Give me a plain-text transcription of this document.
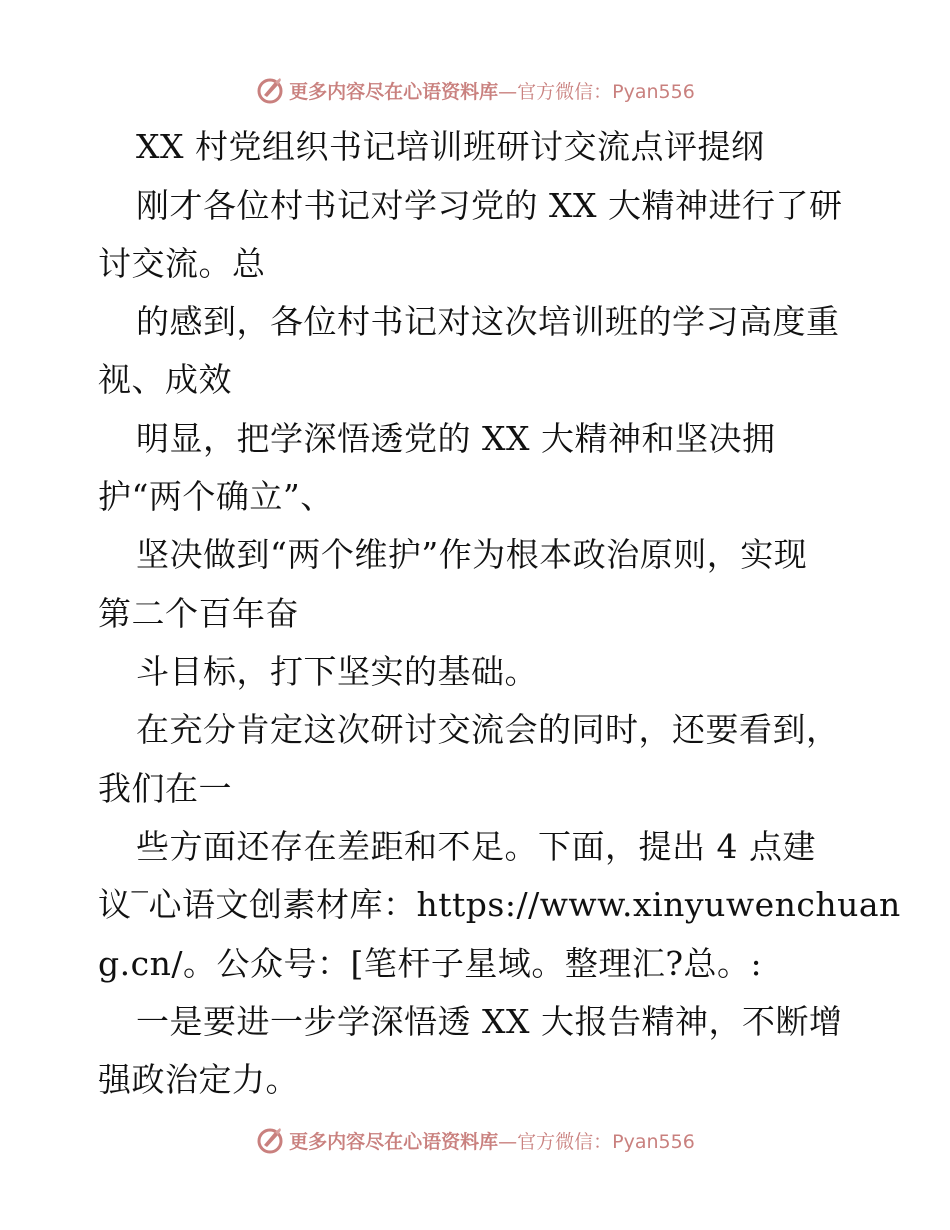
更多内容尽在心语资料库—官方微信：Pyan556
XX 村党组织书记培训班研讨交流点评提纲
刚才各位村书记对学习党的 XX 大精神进行了研
讨交流。总
的感到，各位村书记对这次培训班的学习高度重
视、成效
明显，把学深悟透党的 XX 大精神和坚决拥
护“两个确立”、
坚决做到“两个维护”作为根本政治原则，实现
第二个百年奋
斗目标，打下坚实的基础。
在充分肯定这次研讨交流会的同时，还要看到，
我们在一
些方面还存在差距和不足。下面，提出 4 点建
议‾心语文创素材库：https://www.xinyuwenchuan
g.cn/。公众号：[笔杆子星域。整理汇?总。:
一是要进一步学深悟透 XX 大报告精神，不断增
强政治定力。
更多内容尽在心语资料库—官方微信：Pyan556
